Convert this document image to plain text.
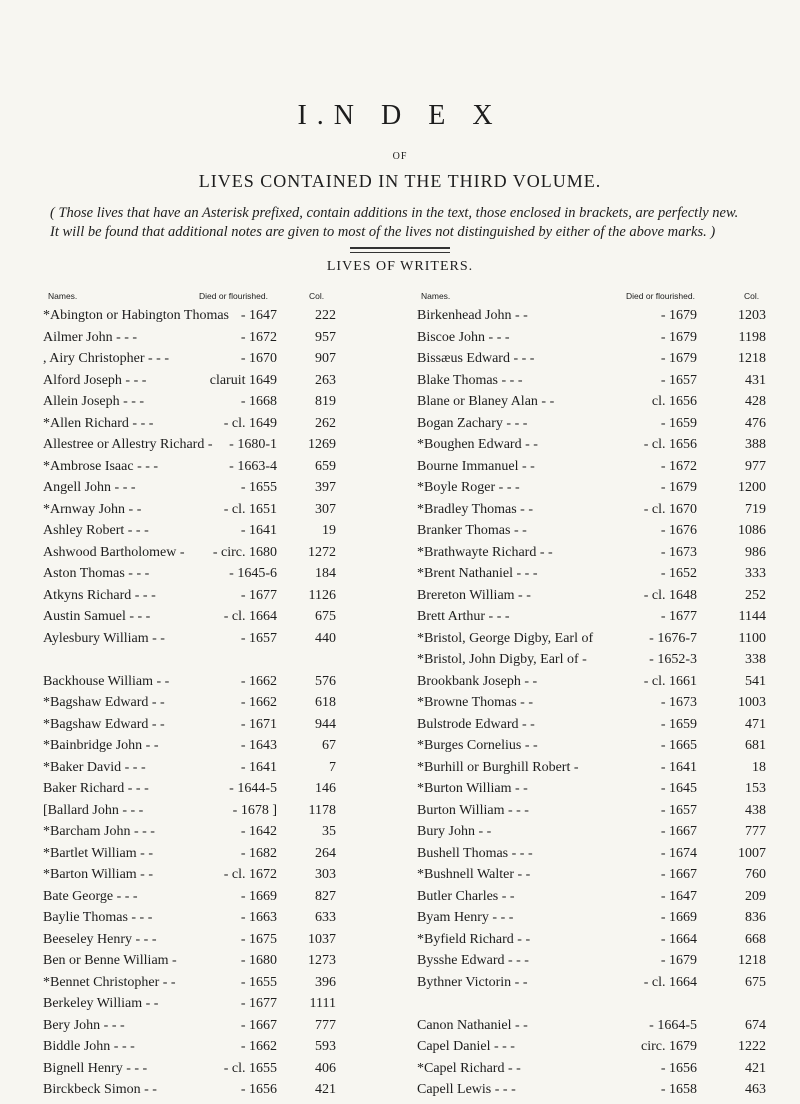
I.N D E X
OF
LIVES CONTAINED IN THE THIRD VOLUME.
( Those lives that have an Asterisk prefixed, contain additions in the text, those enclosed in brackets, are perfectly new.
It will be found that additional notes are given to most of the lives not distinguished by either of the above marks. )
LIVES OF WRITERS.
Names.	Died or flourished.	Col.	Names.	Died or flourished.	Col.
*Abington or Habington Thomas - 1647	222
Ailmer John - - -	- 1672	957
, Airy Christopher - - -	- 1670	907
Alford Joseph - - -	claruit 1649	263
Allein Joseph - - -	- 1668	819
*Allen Richard - - -	- cl. 1649	262
Allestree or Allestry Richard -	- 1680-1	1269
*Ambrose Isaac - - -	- 1663-4	659
Angell John - - -	- 1655	397
*Arnway John - -	- cl. 1651	307
Ashley Robert - - -	- 1641	19
Ashwood Bartholomew -	- circ. 1680	1272
Aston Thomas - - -	- 1645-6	184
Atkyns Richard - - -	- 1677	1126
Austin Samuel - - -	- cl. 1664	675
Aylesbury William - -	- 1657	440
Backhouse William - -	- 1662	576
*Bagshaw Edward - -	- 1662	618
*Bagshaw Edward - -	- 1671	944
*Bainbridge John - -	- 1643	67
*Baker David - - -	- 1641	7
Baker Richard - - -	- 1644-5	146
[Ballard John - - -	- 1678 ]	1178
*Barcham John - - -	- 1642	35
*Bartlet William - -	- 1682	264
*Barton William - -	- cl. 1672	303
Bate George - - -	- 1669	827
Baylie Thomas - - -	- 1663	633
Beeseley Henry - - -	- 1675	1037
Ben or Benne William -	- 1680	1273
*Bennet Christopher - -	- 1655	396
Berkeley William - -	- 1677	1111
Bery John - - -	- 1667	777
Biddle John - - -	- 1662	593
Bignell Henry - - -	- cl. 1655	406
Birckbeck Simon - -	- 1656	421
Birkenhead John - -	- 1679	1203
Biscoe John - - -	- 1679	1198
Bissæus Edward - - -	- 1679	1218
Blake Thomas - - -	- 1657	431
Blane or Blaney Alan - -	cl. 1656	428
Bogan Zachary - - -	- 1659	476
*Boughen Edward - -	- cl. 1656	388
Bourne Immanuel - -	- 1672	977
*Boyle Roger - - -	- 1679	1200
*Bradley Thomas - -	- cl. 1670	719
Branker Thomas - -	- 1676	1086
*Brathwayte Richard - -	- 1673	986
*Brent Nathaniel - - -	- 1652	333
Brereton William - -	- cl. 1648	252
Brett Arthur - - -	- 1677	1144
*Bristol, George Digby, Earl of	- 1676-7	1100
*Bristol, John Digby, Earl of -	- 1652-3	338
Brookbank Joseph - -	- cl. 1661	541
*Browne Thomas - -	- 1673	1003
Bulstrode Edward - -	- 1659	471
*Burges Cornelius - -	- 1665	681
*Burhill or Burghill Robert -	- 1641	18
*Burton William - -	- 1645	153
Burton William - - -	- 1657	438
Bury John - -	- 1667	777
Bushell Thomas - - -	- 1674	1007
*Bushnell Walter - -	- 1667	760
Butler Charles - -	- 1647	209
Byam Henry - - -	- 1669	836
*Byfield Richard - -	- 1664	668
Bysshe Edward - - -	- 1679	1218
Bythner Victorin - -	- cl. 1664	675
Canon Nathaniel - -	- 1664-5	674
Capel Daniel - - -	circ. 1679	1222
*Capel Richard - -	- 1656	421
Capell Lewis - - -	- 1658	463
